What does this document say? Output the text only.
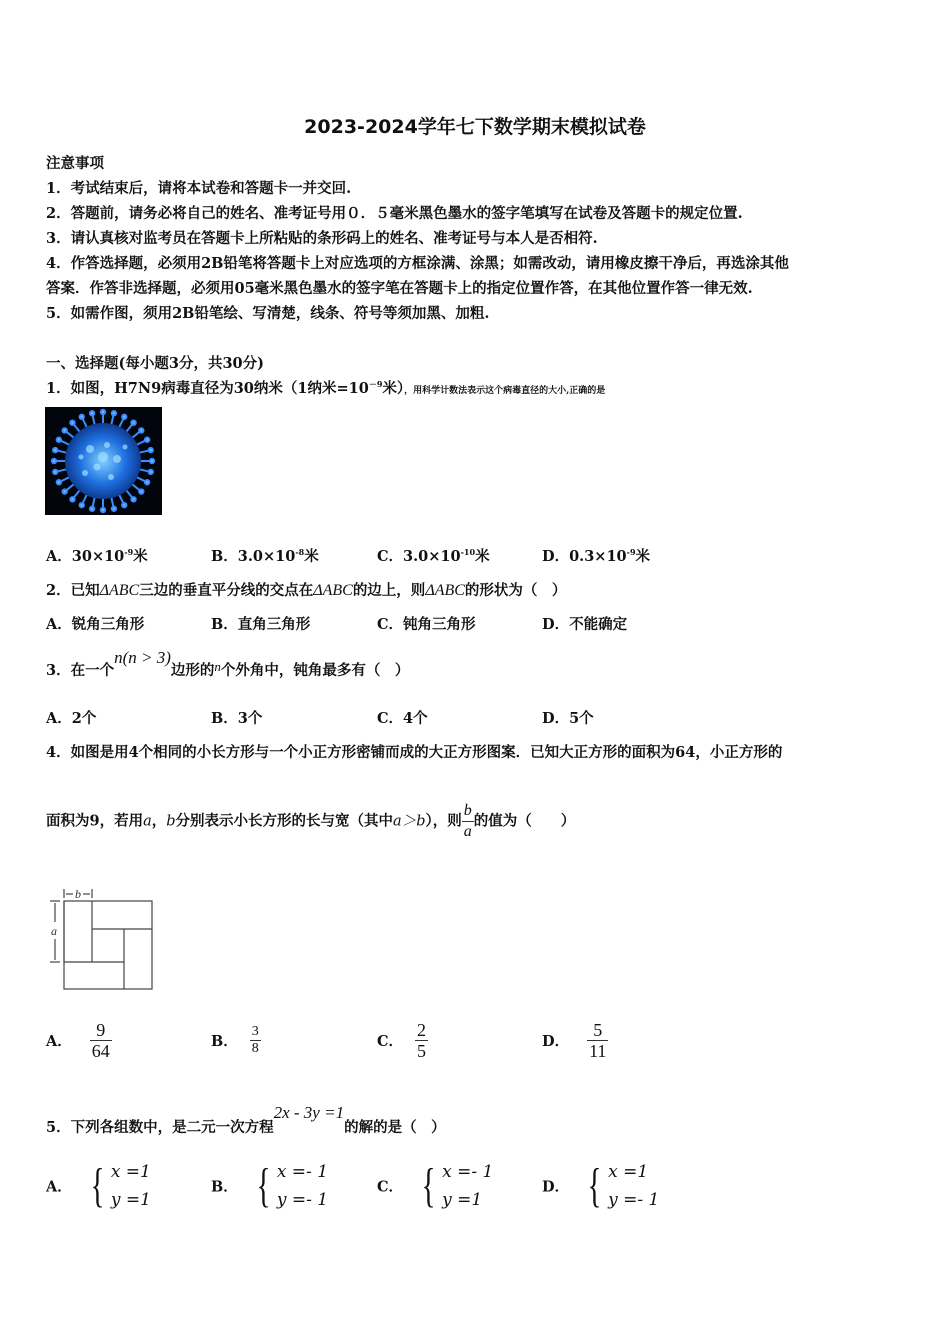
2023-2024学年七下数学期末模拟试卷
注意事项
1．考试结束后，请将本试卷和答题卡一并交回.
2．答题前，请务必将自己的姓名、准考证号用０．５毫米黑色墨水的签字笔填写在试卷及答题卡的规定位置.
3．请认真核对监考员在答题卡上所粘贴的条形码上的姓名、准考证号与本人是否相符.
4．作答选择题，必须用2B铅笔将答题卡上对应选项的方框涂满、涂黑；如需改动，请用橡皮擦干净后，再选涂其他
答案．作答非选择题，必须用05毫米黑色墨水的签字笔在答题卡上的指定位置作答，在其他位置作答一律无效.
5．如需作图，须用2B铅笔绘、写清楚，线条、符号等须加黑、加粗.
一、选择题(每小题3分，共30分)
1．如图，H7N9病毒直径为30纳米（1纳米$=10^{-9}$米），用科学计数法表示这个病毒直径的大小,正确的是
A．$30\times 10^{-9}$米	B．$3.0\times 10^{-8}$米	C．$3.0\times 10^{-10}$米	D．$0.3\times 10^{-9}$米
2．已知ΔABC三边的垂直平分线的交点在ΔABC的边上，则ΔABC的形状为（　）
A．锐角三角形	B．直角三角形	C．钝角三角形	D．不能确定
3．在一个n(n > 3)边形的n个外角中，钝角最多有（　）
A．2个	B．3个	C．4个	D．5个
4．如图是用4个相同的小长方形与一个小正方形密铺而成的大正方形图案．已知大正方形的面积为64，小正方形的
面积为9，若用a，b分别表示小长方形的长与宽（其中a＞b），则 $\frac{b}{a}$ 的值为（　　）
b
a
A． $\frac{9}{64}$	B． $\frac{3}{8}$	C． $\frac{2}{5}$	D． $\frac{5}{11}$
5．下列各组数中，是二元一次方程2x - 3y =1的解的是（　）
A． { x =1
y =1
B． { x =- 1
y =- 1
C． { x =- 1
y =1
D． { x =1
y =- 1
